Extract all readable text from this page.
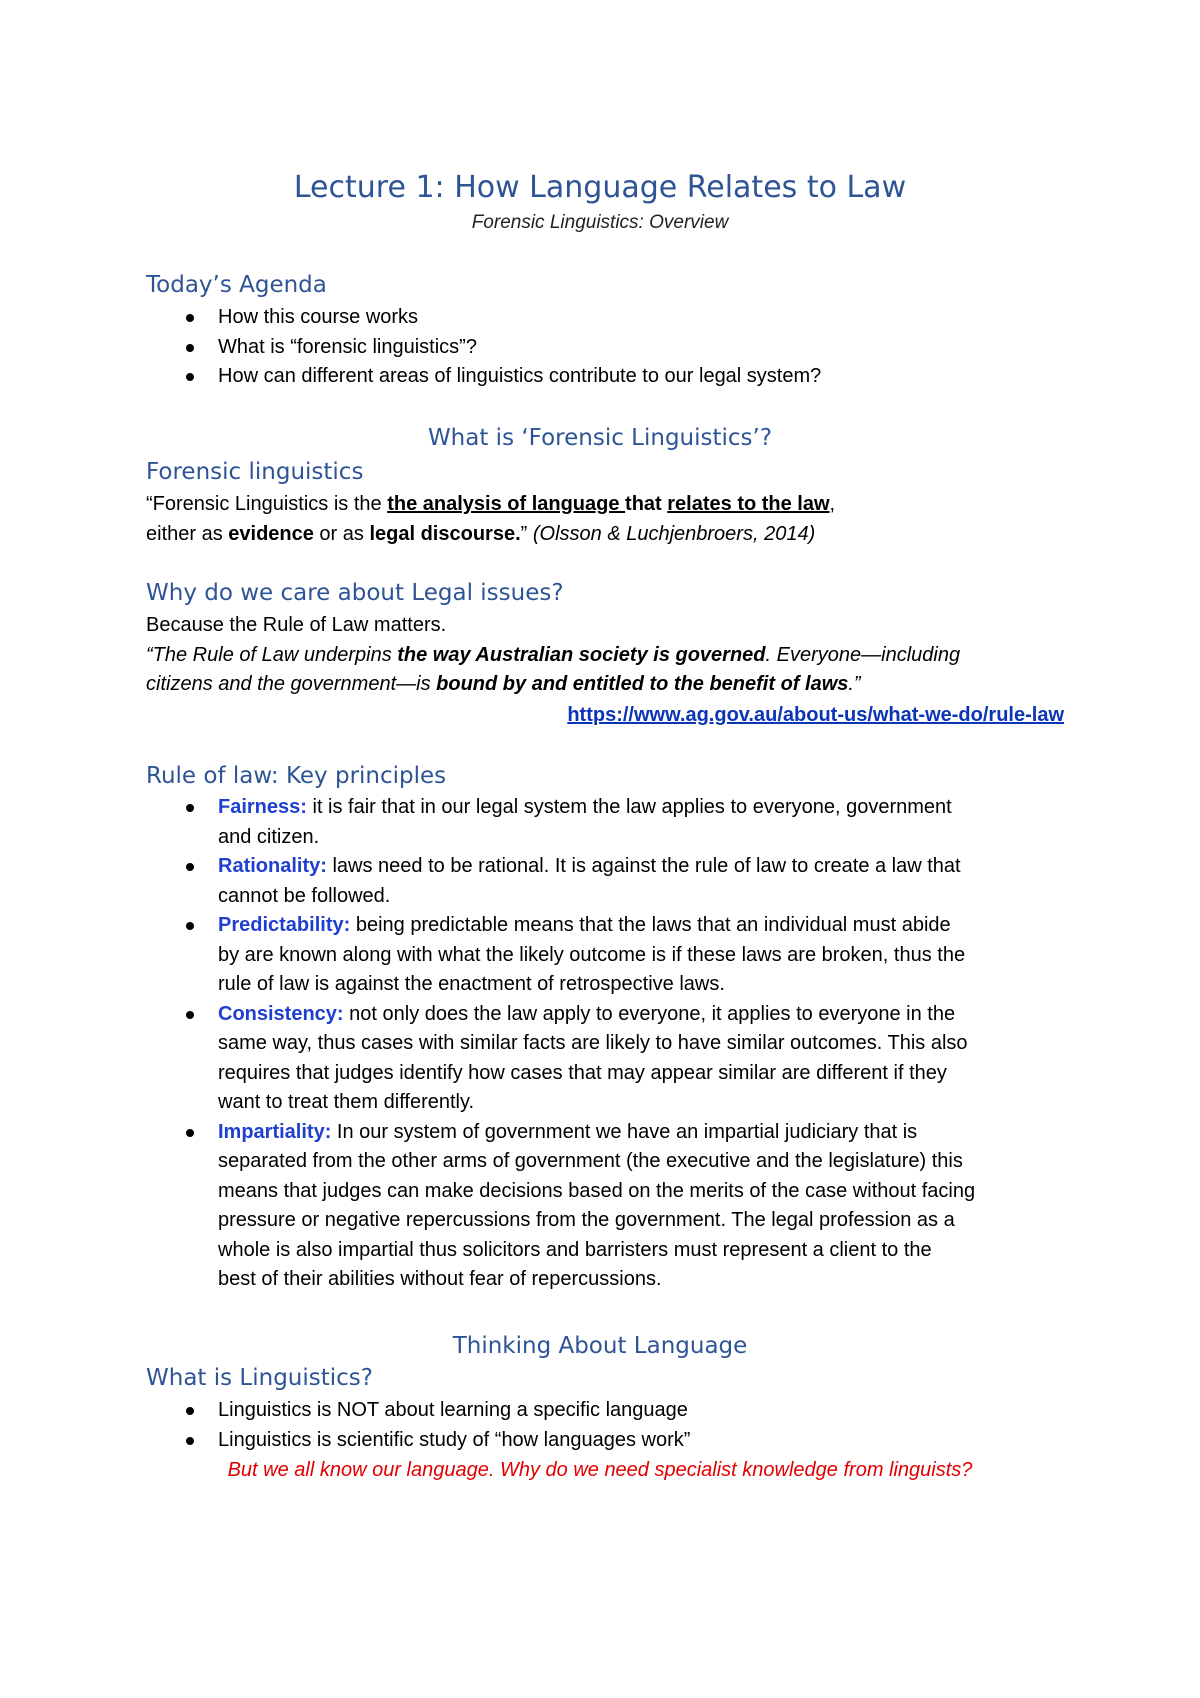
Lecture 1: How Language Relates to Law

Forensic Linguistics: Overview

Today’s Agenda
How this course works
What is “forensic linguistics”?
How can different areas of linguistics contribute to our legal system?
What is ‘Forensic Linguistics’?
Forensic linguistics

“Forensic Linguistics is the the analysis of language that relates to the law,
either as evidence or as legal discourse.” (Olsson & Luchjenbroers, 2014)

Why do we care about Legal issues?

Because the Rule of Law matters.
“The Rule of Law underpins the way Australian society is governed. Everyone—including
citizens and the government—is bound by and entitled to the benefit of laws.”

https://www.ag.gov.au/about-us/what-we-do/rule-law
Rule of law: Key principles
Fairness: it is fair that in our legal system the law applies to everyone, government
and citizen.
Rationality: laws need to be rational. It is against the rule of law to create a law that
cannot be followed.
Predictability: being predictable means that the laws that an individual must abide
by are known along with what the likely outcome is if these laws are broken, thus the
rule of law is against the enactment of retrospective laws.
Consistency: not only does the law apply to everyone, it applies to everyone in the
same way, thus cases with similar facts are likely to have similar outcomes. This also
requires that judges identify how cases that may appear similar are different if they
want to treat them differently.
Impartiality: In our system of government we have an impartial judiciary that is
separated from the other arms of government (the executive and the legislature) this
means that judges can make decisions based on the merits of the case without facing
pressure or negative repercussions from the government. The legal profession as a
whole is also impartial thus solicitors and barristers must represent a client to the
best of their abilities without fear of repercussions.
Thinking About Language
What is Linguistics?
Linguistics is NOT about learning a specific language
Linguistics is scientific study of “how languages work”

But we all know our language. Why do we need specialist knowledge from linguists?
